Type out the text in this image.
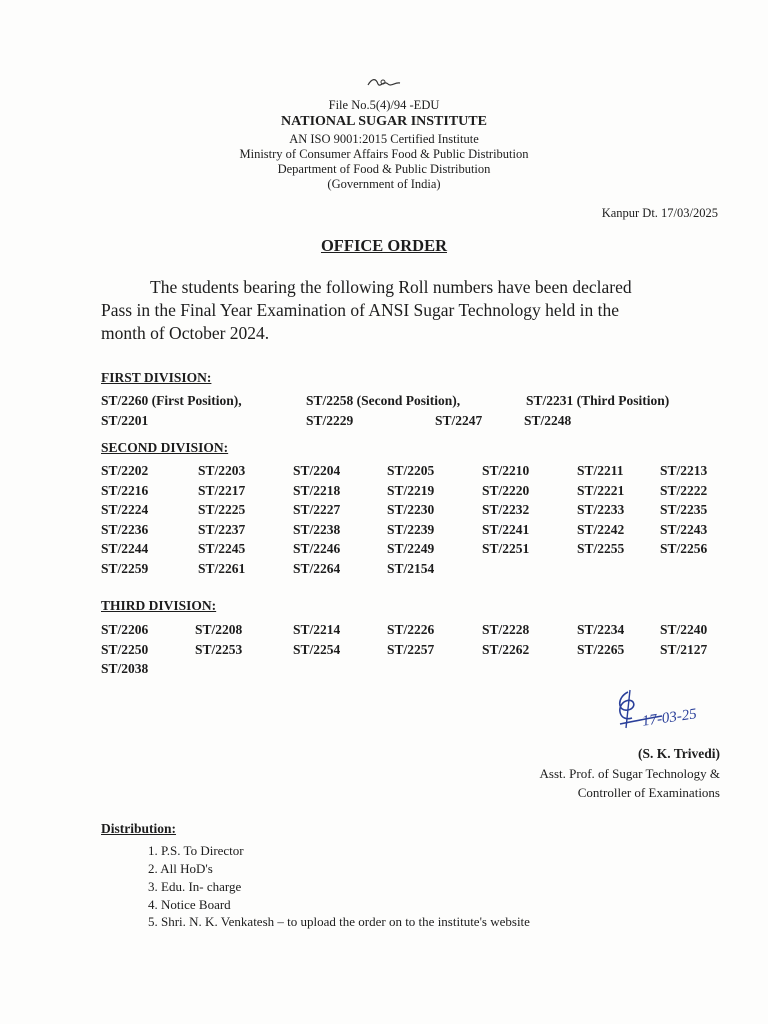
File No.5(4)/94 -EDU
NATIONAL SUGAR INSTITUTE
AN ISO 9001:2015 Certified Institute
Ministry of Consumer Affairs Food & Public Distribution
Department of Food & Public Distribution
(Government of India)
Kanpur Dt. 17/03/2025
OFFICE ORDER
The students bearing the following Roll numbers have been declared
Pass in the Final Year Examination of ANSI Sugar Technology held in the
month of October 2024.
FIRST DIVISION:
ST/2260 (First Position),	ST/2258 (Second Position),	ST/2231 (Third Position)
ST/2201	ST/2229	ST/2247	ST/2248
SECOND DIVISION:
ST/2202	ST/2203	ST/2204	ST/2205	ST/2210	ST/2211	ST/2213
ST/2216	ST/2217	ST/2218	ST/2219	ST/2220	ST/2221	ST/2222
ST/2224	ST/2225	ST/2227	ST/2230	ST/2232	ST/2233	ST/2235
ST/2236	ST/2237	ST/2238	ST/2239	ST/2241	ST/2242	ST/2243
ST/2244	ST/2245	ST/2246	ST/2249	ST/2251	ST/2255	ST/2256
ST/2259	ST/2261	ST/2264	ST/2154
THIRD DIVISION:
ST/2206	ST/2208	ST/2214	ST/2226	ST/2228	ST/2234	ST/2240
ST/2250	ST/2253	ST/2254	ST/2257	ST/2262	ST/2265	ST/2127
ST/2038
17-03-25
(S. K. Trivedi)
Asst. Prof. of Sugar Technology &
Controller of Examinations
Distribution:
1. P.S. To Director
2. All HoD's
3. Edu. In- charge
4. Notice Board
5. Shri. N. K. Venkatesh – to upload the order on to the institute's website
